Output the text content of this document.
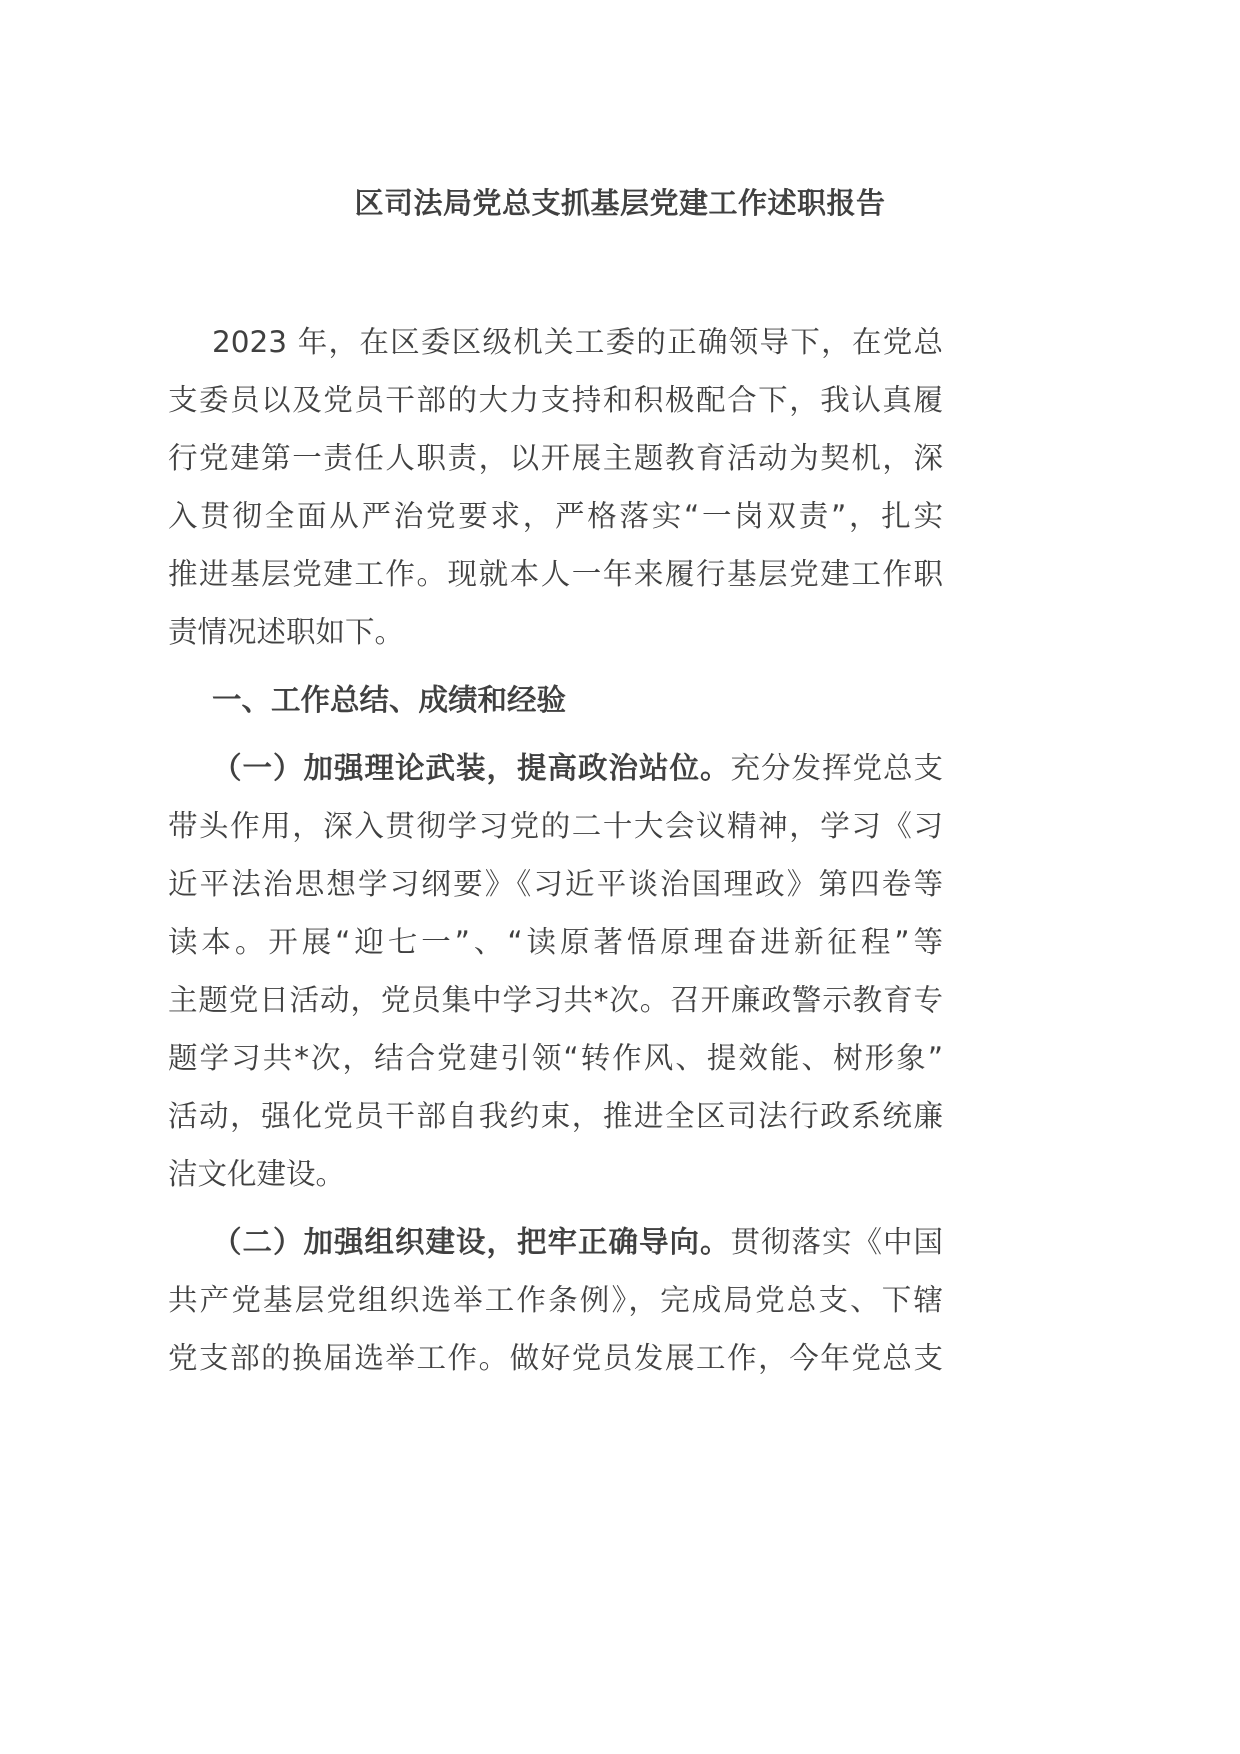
区司法局党总支抓基层党建工作述职报告
2023 年，在区委区级机关工委的正确领导下，在党总
支委员以及党员干部的大力支持和积极配合下，我认真履
行党建第一责任人职责，以开展主题教育活动为契机，深
入贯彻全面从严治党要求，严格落实“一岗双责”，扎实
推进基层党建工作。现就本人一年来履行基层党建工作职
责情况述职如下。
一、工作总结、成绩和经验
（一）加强理论武装，提高政治站位。充分发挥党总支
带头作用，深入贯彻学习党的二十大会议精神，学习《习
近平法治思想学习纲要》《习近平谈治国理政》第四卷等
读本。开展“迎七一”、“读原著悟原理奋进新征程”等
主题党日活动，党员集中学习共*次。召开廉政警示教育专
题学习共*次，结合党建引领“转作风、提效能、树形象”
活动，强化党员干部自我约束，推进全区司法行政系统廉
洁文化建设。
（二）加强组织建设，把牢正确导向。贯彻落实《中国
共产党基层党组织选举工作条例》，完成局党总支、下辖
党支部的换届选举工作。做好党员发展工作，今年党总支
